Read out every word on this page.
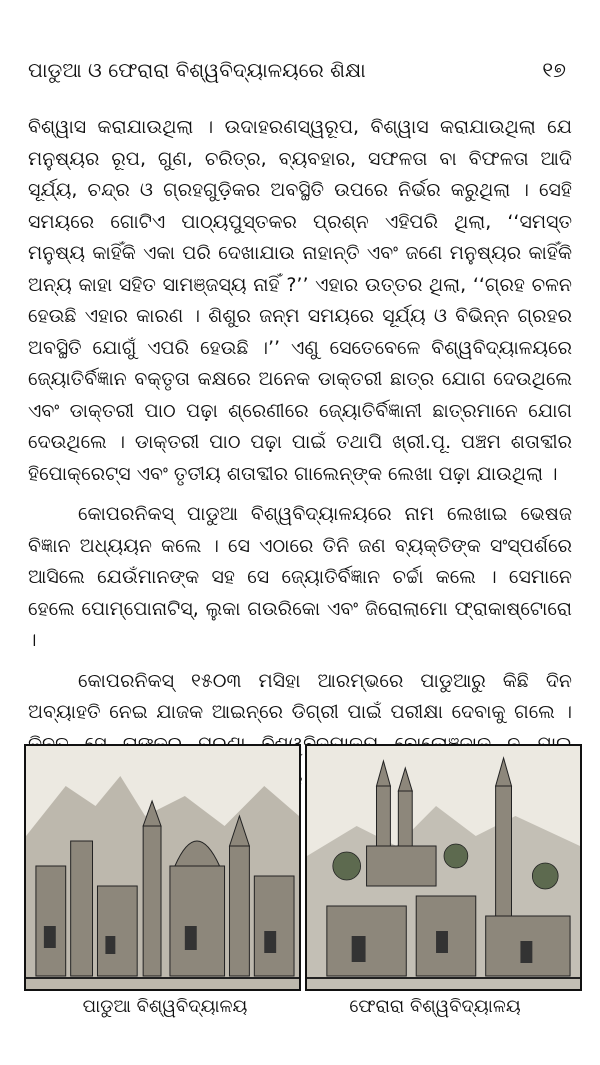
ପାଡୁଆ ଓ ଫେରାରା ବିଶ୍ୱବିଦ୍ୟାଳୟରେ ଶିକ୍ଷା	୧୭

ବିଶ୍ୱାସ କରାଯାଉଥିଲା । ଉଦାହରଣସ୍ୱରୂପ, ବିଶ୍ୱାସ କରାଯାଉଥିଲା ଯେ ମନୁଷ୍ୟର ରୂପ, ଗୁଣ, ଚରିତ୍ର, ବ୍ୟବହାର, ସଫଳତା ବା ବିଫଳତା ଆଦି ସୂର୍ଯ୍ୟ, ଚନ୍ଦ୍ର ଓ ଗ୍ରହଗୁଡ଼ିକର ଅବସ୍ଥିତି ଉପରେ ନିର୍ଭର କରୁଥିଲା । ସେହି ସମୟରେ ଗୋଟିଏ ପାଠ୍ୟପୁସ୍ତକର ପ୍ରଶ୍ନ ଏହିପରି ଥିଲା, ‘‘ସମସ୍ତ ମନୁଷ୍ୟ କାହିଁକି ଏକା ପରି ଦେଖାଯାଉ ନାହାନ୍ତି ଏବଂ ଜଣେ ମନୁଷ୍ୟର କାହିଁକି ଅନ୍ୟ କାହା ସହିତ ସାମଞ୍ଜସ୍ୟ ନାହିଁ ?’’ ଏହାର ଉତ୍ତର ଥିଲା, ‘‘ଗ୍ରହ ଚଳନ ହେଉଛି ଏହାର କାରଣ । ଶିଶୁର ଜନ୍ମ ସମୟରେ ସୂର୍ଯ୍ୟ ଓ ବିଭିନ୍ନ ଗ୍ରହର ଅବସ୍ଥିତି ଯୋଗୁଁ ଏପରି ହେଉଛି ।’’ ଏଣୁ ସେତେବେଳେ ବିଶ୍ୱବିଦ୍ୟାଳୟରେ ଜ୍ୟୋତିର୍ବିଜ୍ଞାନ ବକ୍ତୃତା କକ୍ଷରେ ଅନେକ ଡାକ୍ତରୀ ଛାତ୍ର ଯୋଗ ଦେଉଥିଲେ ଏବଂ ଡାକ୍ତରୀ ପାଠ ପଢ଼ା ଶ୍ରେଣୀରେ ଜ୍ୟୋତିର୍ବିଜ୍ଞାନୀ ଛାତ୍ରମାନେ ଯୋଗ ଦେଉଥିଲେ । ଡାକ୍ତରୀ ପାଠ ପଢ଼ା ପାଇଁ ତଥାପି ଖ୍ରୀ.ପୂ. ପଞ୍ଚମ ଶତାବ୍ଦୀର ହିପୋକ୍ରେଟ୍ସ ଏବଂ ତୃତୀୟ ଶତାବ୍ଦୀର ଗାଲେନ୍‌ଙ୍କ ଲେଖା ପଢ଼ା ଯାଉଥିଲା ।

କୋପରନିକସ୍ ପାଡୁଆ ବିଶ୍ୱବିଦ୍ୟାଳୟରେ ନାମ ଲେଖାଇ ଭେଷଜ ବିଜ୍ଞାନ ଅଧ୍ୟୟନ କଲେ । ସେ ଏଠାରେ ତିନି ଜଣ ବ୍ୟକ୍ତିଙ୍କ ସଂସ୍ପର୍ଶରେ ଆସିଲେ ଯେଉଁମାନଙ୍କ ସହ ସେ ଜ୍ୟୋତିର୍ବିଜ୍ଞାନ ଚର୍ଚ୍ଚା କଲେ । ସେମାନେ ହେଲେ ପୋମ୍ପୋନାଟିସ୍, ଲୁକା ଗଉରିକୋ ଏବଂ ଜିରୋଲାମୋ ଫ୍ରାକାଷ୍ଟୋରୋ ।

କୋପରନିକସ୍ ୧୫୦୩ ମସିହା ଆରମ୍ଭରେ ପାଡୁଆରୁ କିଛି ଦିନ ଅବ୍ୟାହତି ନେଇ ଯାଜକ ଆଇନ୍‌ରେ ଡିଗ୍ରୀ ପାଇଁ ପରୀକ୍ଷା ଦେବାକୁ ଗଲେ ।

ପାଡୁଆ ବିଶ୍ୱବିଦ୍ୟାଳୟ	ଫେରାରା ବିଶ୍ୱବିଦ୍ୟାଳୟ
